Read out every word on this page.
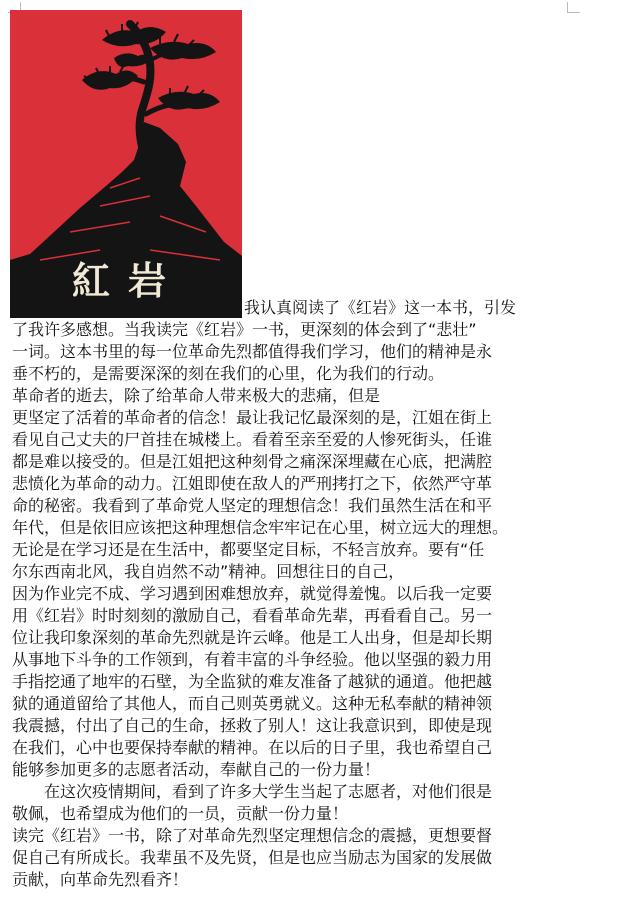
紅岩
我认真阅读了《红岩》这一本书，引发
了我许多感想。当我读完《红岩》一书，更深刻的体会到了“悲壮”
一词。这本书里的每一位革命先烈都值得我们学习，他们的精神是永
垂不朽的，是需要深深的刻在我们的心里，化为我们的行动。
革命者的逝去，除了给革命人带来极大的悲痛，但是
更坚定了活着的革命者的信念！最让我记忆最深刻的是，江姐在街上
看见自己丈夫的尸首挂在城楼上。看着至亲至爱的人惨死街头，任谁
都是难以接受的。但是江姐把这种刻骨之痛深深埋藏在心底，把满腔
悲愤化为革命的动力。江姐即使在敌人的严刑拷打之下，依然严守革
命的秘密。我看到了革命党人坚定的理想信念！我们虽然生活在和平
年代，但是依旧应该把这种理想信念牢牢记在心里，树立远大的理想。
无论是在学习还是在生活中，都要坚定目标，不轻言放弃。要有“任
尔东西南北风，我自岿然不动”精神。回想往日的自己，
因为作业完不成、学习遇到困难想放弃，就觉得羞愧。以后我一定要
用《红岩》时时刻刻的激励自己，看看革命先辈，再看看自己。另一
位让我印象深刻的革命先烈就是许云峰。他是工人出身，但是却长期
从事地下斗争的工作领到，有着丰富的斗争经验。他以坚强的毅力用
手指挖通了地牢的石壁，为全监狱的难友准备了越狱的通道。他把越
狱的通道留给了其他人，而自己则英勇就义。这种无私奉献的精神领
我震撼，付出了自己的生命，拯救了别人！这让我意识到，即使是现
在我们，心中也要保持奉献的精神。在以后的日子里，我也希望自己
能够参加更多的志愿者活动，奉献自己的一份力量！
在这次疫情期间，看到了许多大学生当起了志愿者，对他们很是
敬佩，也希望成为他们的一员，贡献一份力量！
读完《红岩》一书，除了对革命先烈坚定理想信念的震撼，更想要督
促自己有所成长。我辈虽不及先贤，但是也应当励志为国家的发展做
贡献，向革命先烈看齐！
